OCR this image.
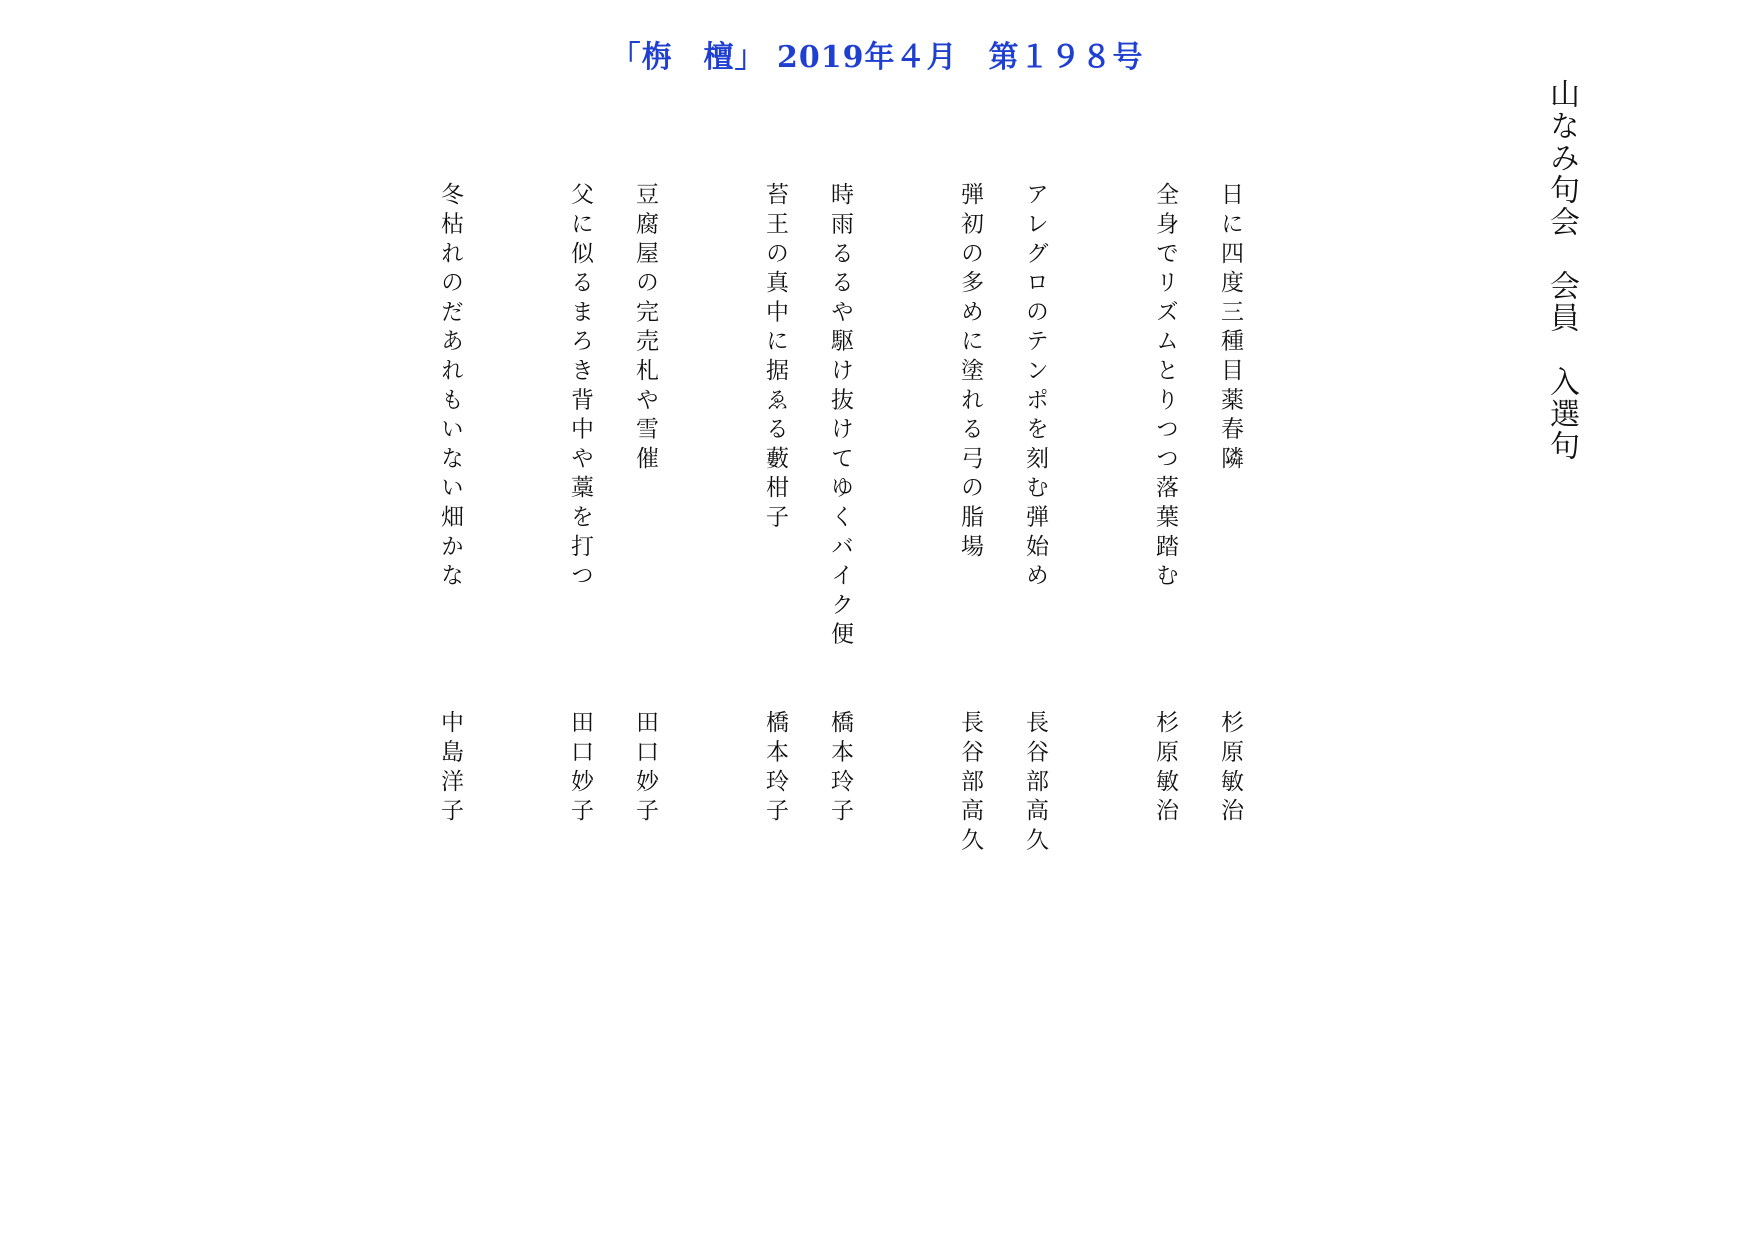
「栴　檀」 2019年４月　第１９８号
山なみ句会　会員　入選句
日に四度三種目薬春隣
杉原敏治
全身でリズムとりつつ落葉踏む
杉原敏治
アレグロのテンポを刻む弾始め
長谷部高久
弾初の多めに塗れる弓の脂場
長谷部高久
時雨るるや駆け抜けてゆくバイク便
橋本玲子
苔王の真中に据ゑる藪柑子
橋本玲子
豆腐屋の完売札や雪催
田口妙子
父に似るまろき背中や藁を打つ
田口妙子
冬枯れのだあれもいない畑かな
中島洋子
